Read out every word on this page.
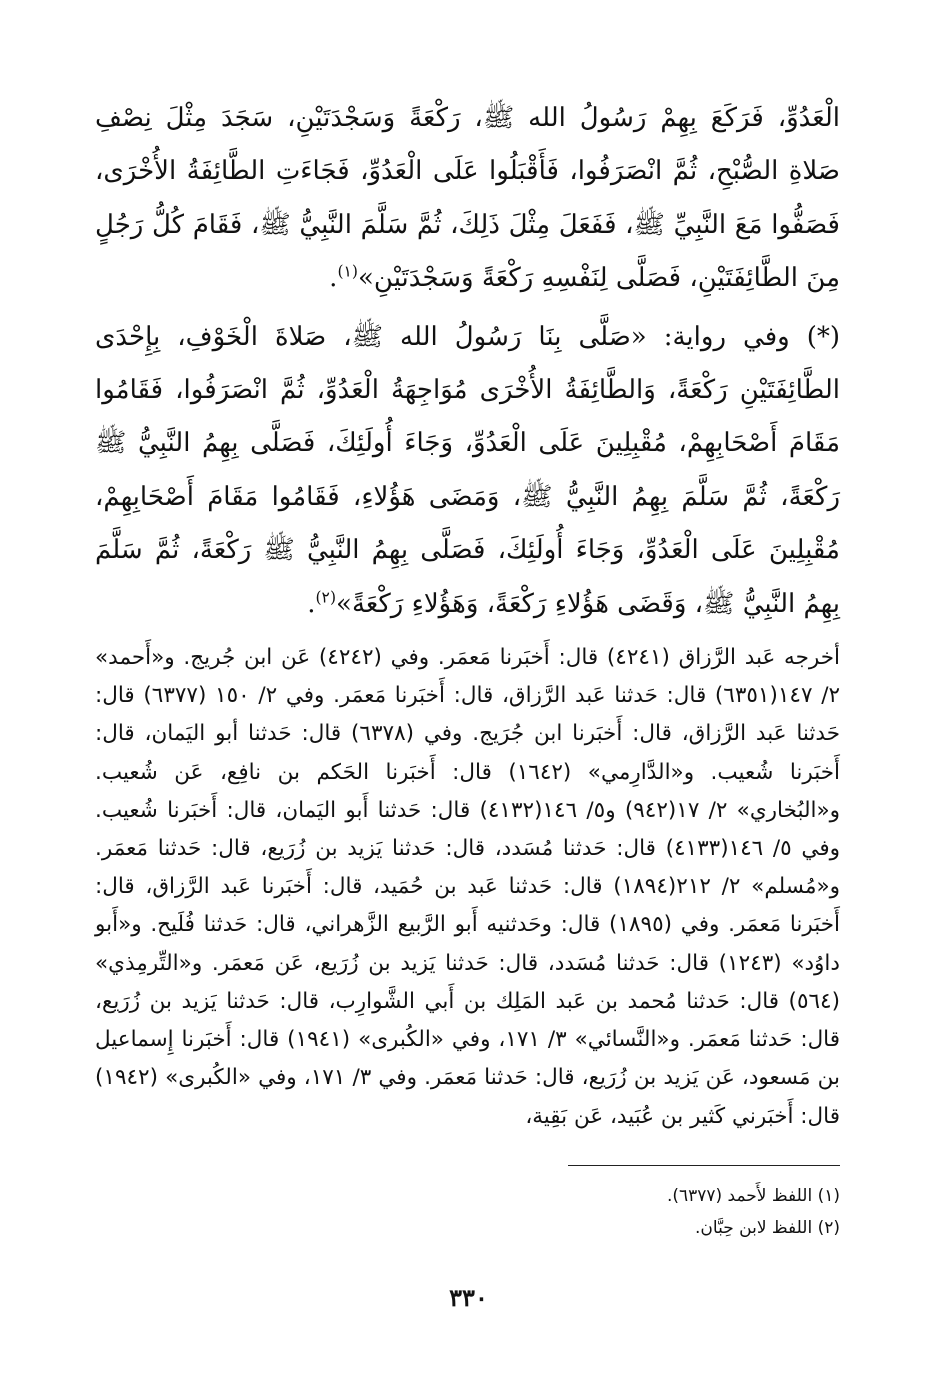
الْعَدُوِّ، فَرَكَعَ بِهِمْ رَسُولُ الله ﷺ، رَكْعَةً وَسَجْدَتَيْنِ، سَجَدَ مِثْلَ نِصْفِ صَلاةِ الصُّبْحِ، ثُمَّ انْصَرَفُوا، فَأَقْبَلُوا عَلَى الْعَدُوِّ، فَجَاءَتِ الطَّائِفَةُ الأُخْرَى، فَصَفُّوا مَعَ النَّبِيِّ ﷺ، فَفَعَلَ مِثْلَ ذَلِكَ، ثُمَّ سَلَّمَ النَّبِيُّ ﷺ، فَقَامَ كُلُّ رَجُلٍ مِنَ الطَّائِفَتَيْنِ، فَصَلَّى لِنَفْسِهِ رَكْعَةً وَسَجْدَتَيْنِ»$^{(١)}$.

(*) وفي رواية: «صَلَّى بِنَا رَسُولُ الله ﷺ، صَلاةَ الْخَوْفِ، بِإِحْدَى الطَّائِفَتَيْنِ رَكْعَةً، وَالطَّائِفَةُ الأُخْرَى مُوَاجِهَةُ الْعَدُوِّ، ثُمَّ انْصَرَفُوا، فَقَامُوا مَقَامَ أَصْحَابِهِمْ، مُقْبِلِينَ عَلَى الْعَدُوِّ، وَجَاءَ أُولَئِكَ، فَصَلَّى بِهِمُ النَّبِيُّ ﷺ رَكْعَةً، ثُمَّ سَلَّمَ بِهِمُ النَّبِيُّ ﷺ، وَمَضَى هَؤُلاءِ، فَقَامُوا مَقَامَ أَصْحَابِهِمْ، مُقْبِلِينَ عَلَى الْعَدُوِّ، وَجَاءَ أُولَئِكَ، فَصَلَّى بِهِمُ النَّبِيُّ ﷺ رَكْعَةً، ثُمَّ سَلَّمَ بِهِمُ النَّبِيُّ ﷺ، وَقَضَى هَؤُلاءِ رَكْعَةً، وَهَؤُلاءِ رَكْعَةً»$^{(٢)}$.

أخرجه عَبد الرَّزاق (٤٢٤١) قال: أَخبَرنا مَعمَر. وفي (٤٢٤٢) عَن ابن جُريج. و«أَحمد» ٢/ ١٤٧(٦٣٥١) قال: حَدثنا عَبد الرَّزاق، قال: أَخبَرنا مَعمَر. وفي ٢/ ١٥٠ (٦٣٧٧) قال: حَدثنا عَبد الرَّزاق، قال: أَخبَرنا ابن جُرَيج. وفي (٦٣٧٨) قال: حَدثنا أبو اليَمان، قال: أَخبَرنا شُعيب. و«الدَّارِمي» (١٦٤٢) قال: أَخبَرنا الحَكم بن نافِع، عَن شُعيب. و«البُخاري» ٢/ ١٧(٩٤٢) و٥/ ١٤٦(٤١٣٢) قال: حَدثنا أَبو اليَمان، قال: أَخبَرنا شُعيب. وفي ٥/ ١٤٦(٤١٣٣) قال: حَدثنا مُسَدد، قال: حَدثنا يَزيد بن زُرَيع، قال: حَدثنا مَعمَر. و«مُسلم» ٢/ ٢١٢(١٨٩٤) قال: حَدثنا عَبد بن حُمَيد، قال: أَخبَرنا عَبد الرَّزاق، قال: أَخبَرنا مَعمَر. وفي (١٨٩٥) قال: وحَدثنيه أَبو الرَّبيع الزَّهراني، قال: حَدثنا فُلَيح. و«أَبو داوُد» (١٢٤٣) قال: حَدثنا مُسَدد، قال: حَدثنا يَزيد بن زُرَيع، عَن مَعمَر. و«التِّرمِذي» (٥٦٤) قال: حَدثنا مُحمد بن عَبد المَلِك بن أَبي الشَّوارِب، قال: حَدثنا يَزيد بن زُرَيع، قال: حَدثنا مَعمَر. و«النَّسائي» ٣/ ١٧١، وفي «الكُبرى» (١٩٤١) قال: أَخبَرنا إِسماعيل بن مَسعود، عَن يَزيد بن زُرَيع، قال: حَدثنا مَعمَر. وفي ٣/ ١٧١، وفي «الكُبرى» (١٩٤٢) قال: أَخبَرني كَثير بن عُبَيد، عَن بَقِية،

(١) اللفظ لأَحمد (٦٣٧٧).
(٢) اللفظ لابن حِبَّان.
٣٣٠
